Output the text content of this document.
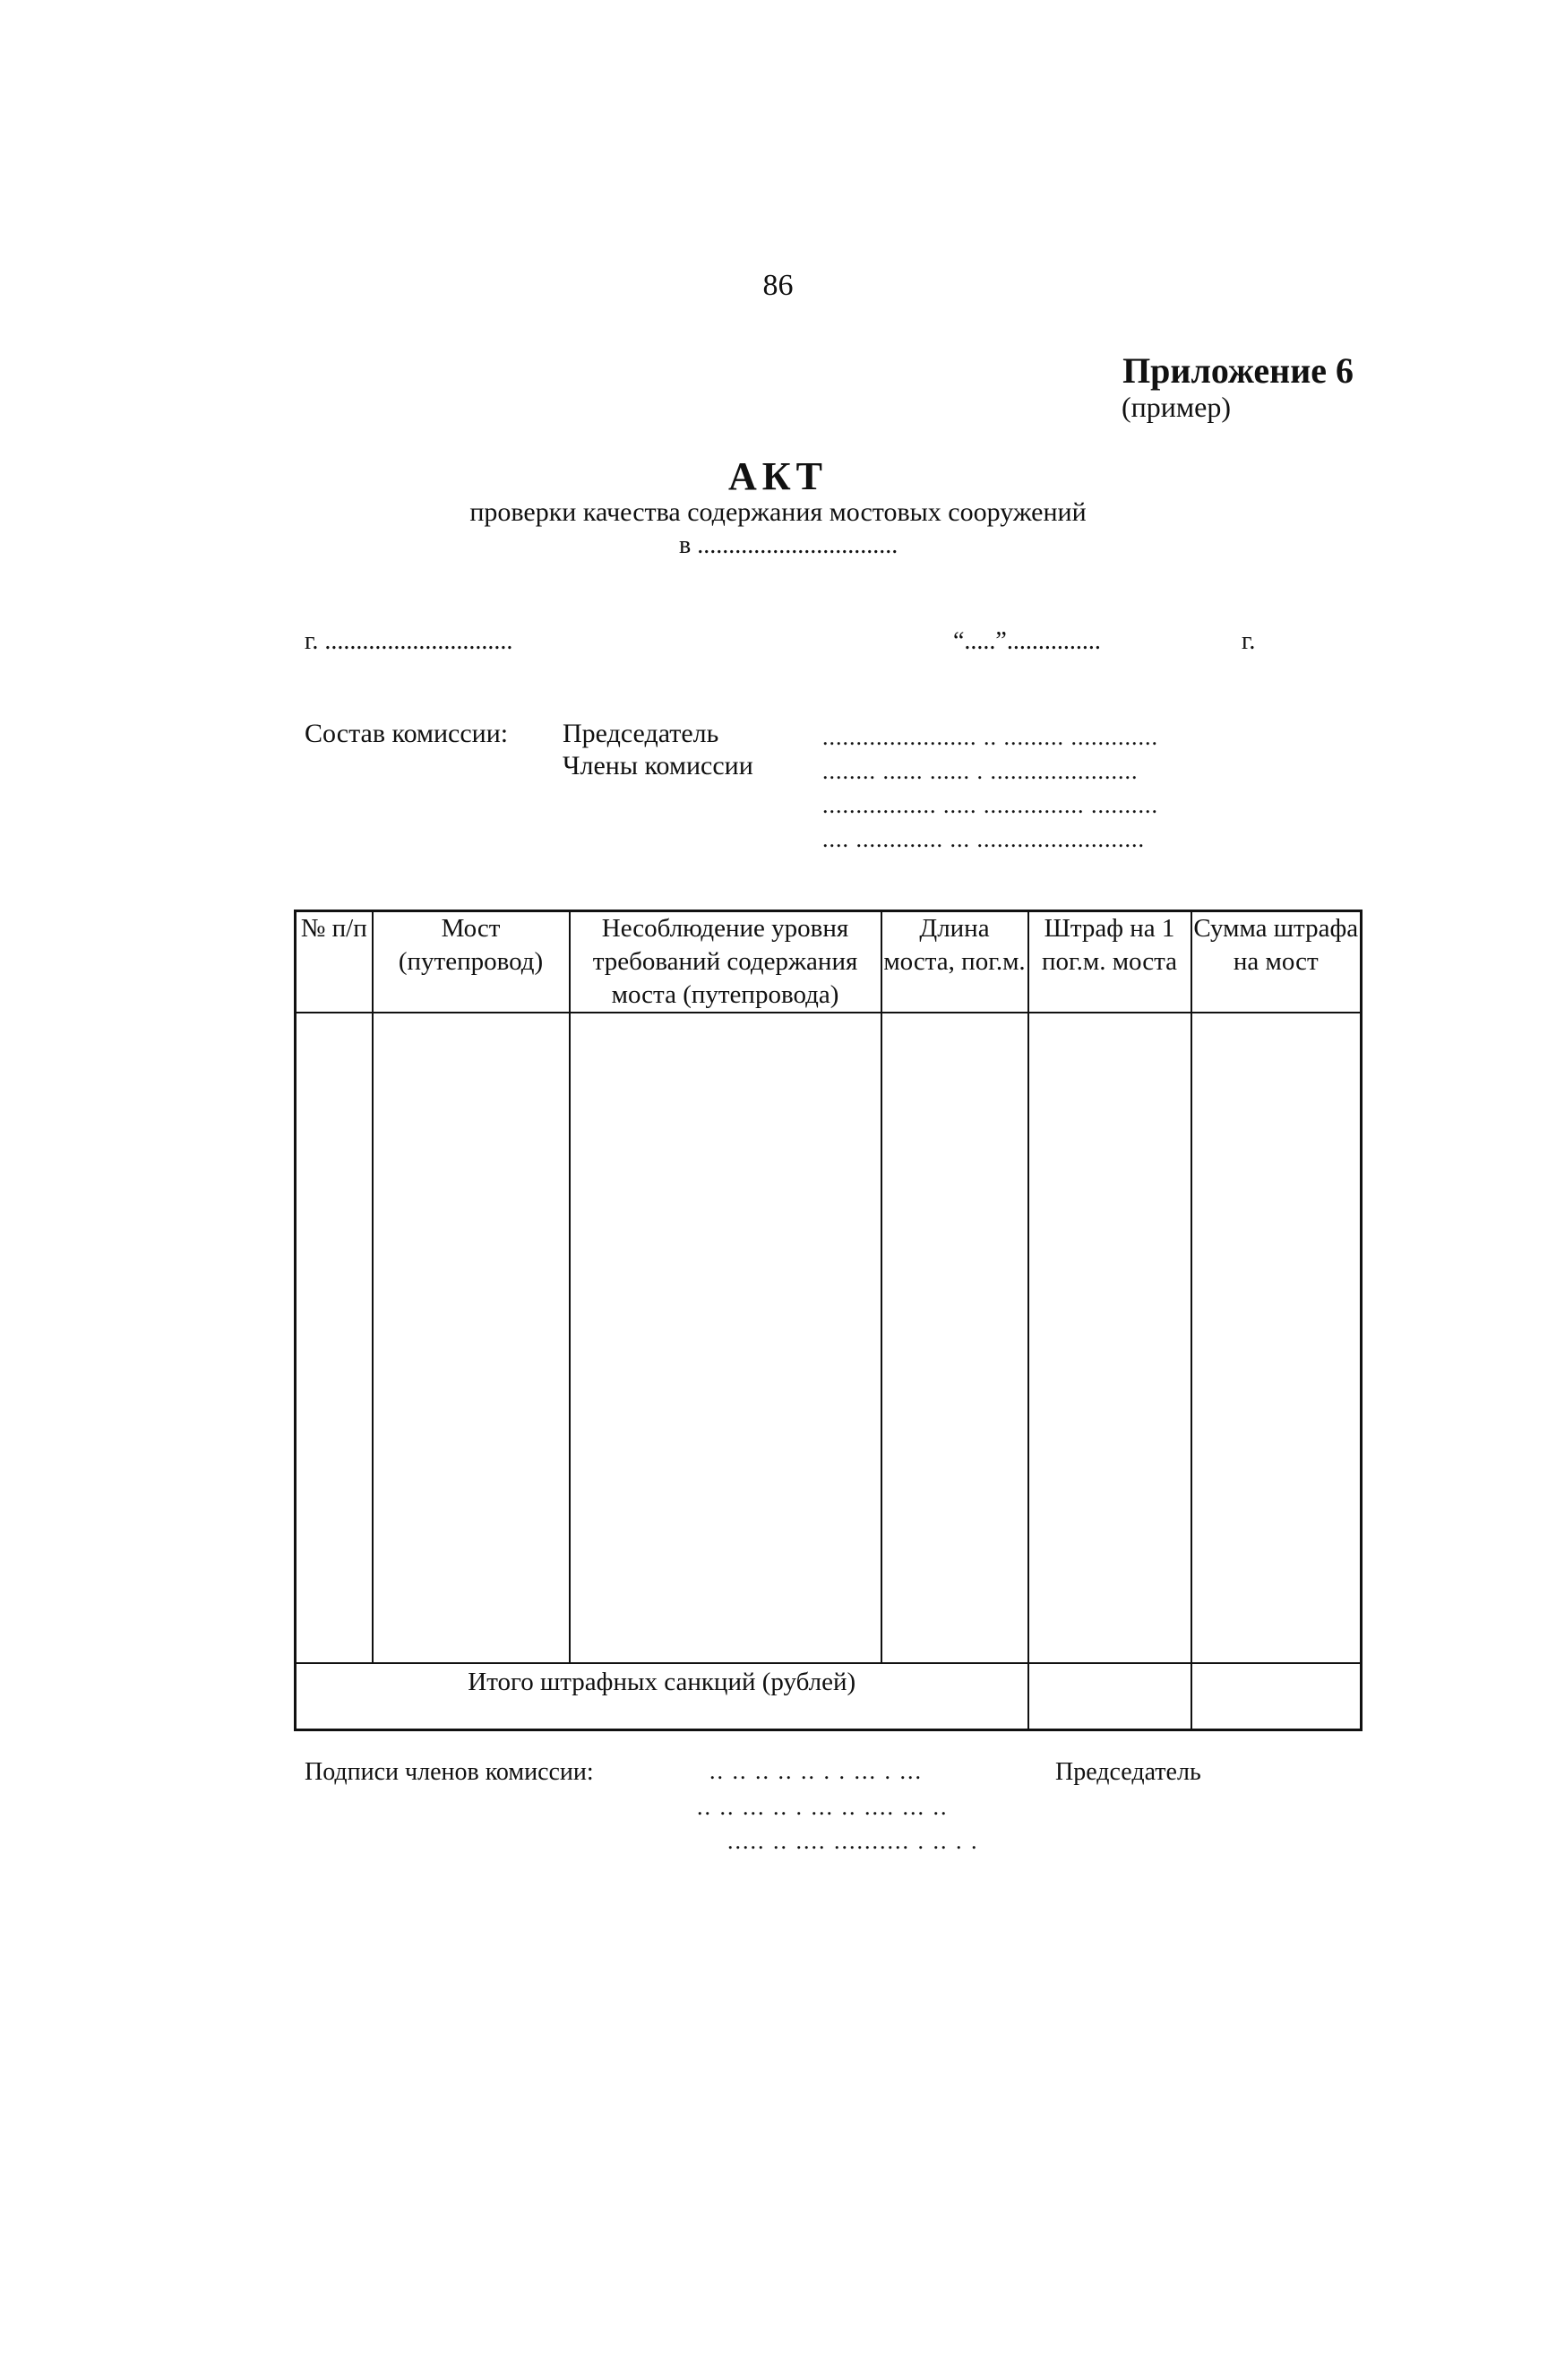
86
Приложение 6
(пример)
АКТ
проверки качества содержания мостовых сооружений
в ................................
г. ..............................	“.....”...............	г.
Состав комиссии: Председатель
Члены комиссии
....................... .. ......... .............
........ ...... ...... . ......................
................. ..... ............... ..........
.... ............. ... .........................
№ п/п	Мост (путепровод)	Несоблюдение уровня требований содержания моста (путепровода)	Длина моста, пог.м.	Штраф на 1 пог.м. моста	Сумма штрафа на мост

Итого штрафных санкций (рублей)					
Подписи членов комиссии:	.. .. .. .. .. . . ... . ...	Председатель
.. .. ... .. . ... .. .... ... ..
..... .. .... .......... . .. . .
